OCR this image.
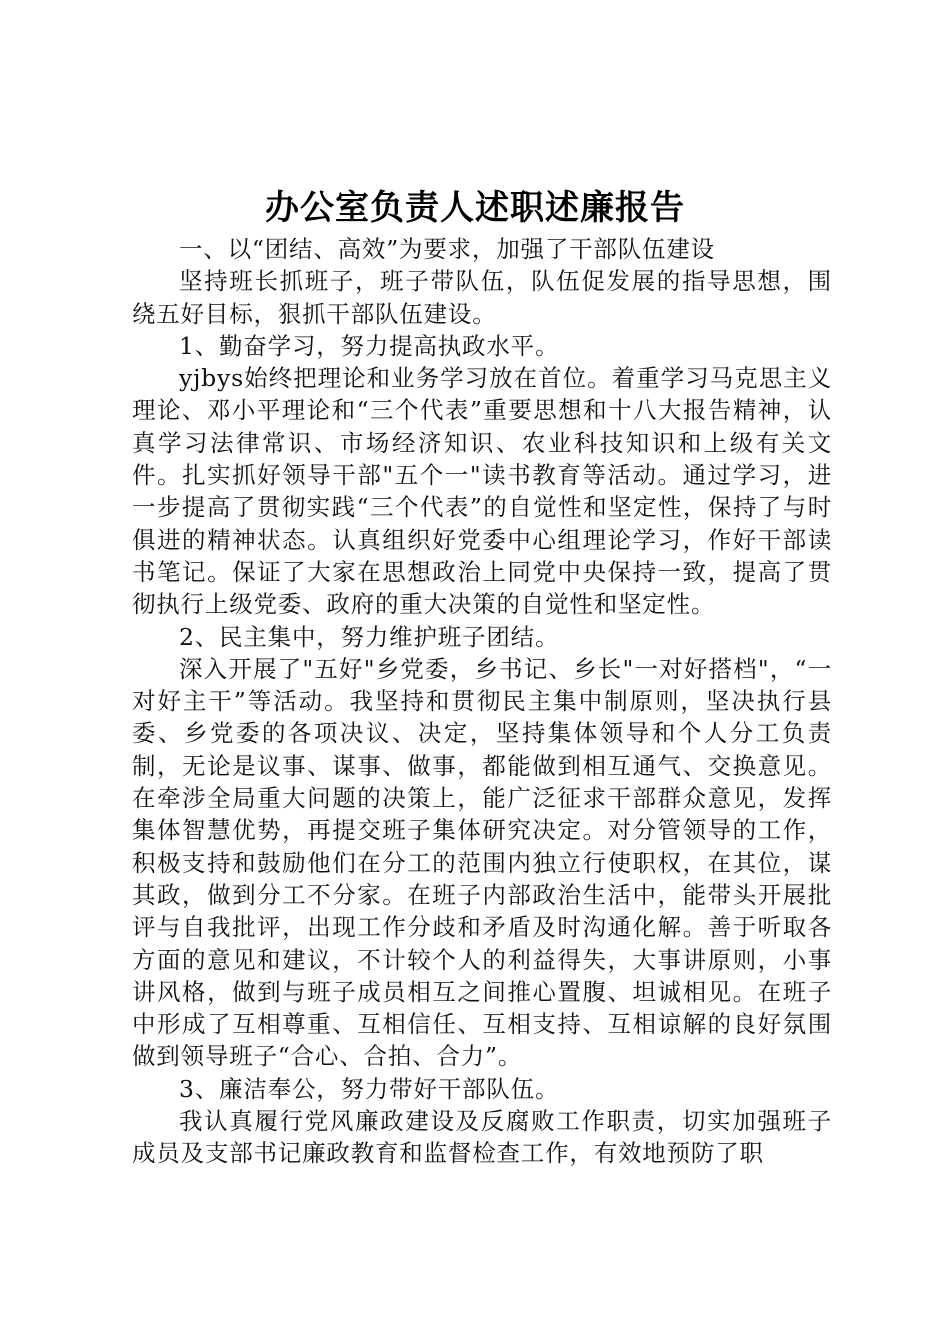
办公室负责人述职述廉报告

一、以“团结、高效”为要求，加强了干部队伍建设

坚持班长抓班子，班子带队伍，队伍促发展的指导思想，围绕五好目标，狠抓干部队伍建设。

1、勤奋学习，努力提高执政水平。

yjbys始终把理论和业务学习放在首位。着重学习马克思主义理论、邓小平理论和“三个代表”重要思想和十八大报告精神，认真学习法律常识、市场经济知识、农业科技知识和上级有关文件。扎实抓好领导干部"五个一"读书教育等活动。通过学习，进一步提高了贯彻实践“三个代表”的自觉性和坚定性，保持了与时俱进的精神状态。认真组织好党委中心组理论学习，作好干部读书笔记。保证了大家在思想政治上同党中央保持一致，提高了贯彻执行上级党委、政府的重大决策的自觉性和坚定性。

2、民主集中，努力维护班子团结。

深入开展了"五好"乡党委，乡书记、乡长"一对好搭档"，“一对好主干”等活动。我坚持和贯彻民主集中制原则，坚决执行县委、乡党委的各项决议、决定，坚持集体领导和个人分工负责制，无论是议事、谋事、做事，都能做到相互通气、交换意见。在牵涉全局重大问题的决策上，能广泛征求干部群众意见，发挥集体智慧优势，再提交班子集体研究决定。对分管领导的工作，积极支持和鼓励他们在分工的范围内独立行使职权，在其位，谋其政，做到分工不分家。在班子内部政治生活中，能带头开展批评与自我批评，出现工作分歧和矛盾及时沟通化解。善于听取各方面的意见和建议，不计较个人的利益得失，大事讲原则，小事讲风格，做到与班子成员相互之间推心置腹、坦诚相见。在班子中形成了互相尊重、互相信任、互相支持、互相谅解的良好氛围做到领导班子“合心、合拍、合力”。

3、廉洁奉公，努力带好干部队伍。

我认真履行党风廉政建设及反腐败工作职责，切实加强班子成员及支部书记廉政教育和监督检查工作，有效地预防了职
